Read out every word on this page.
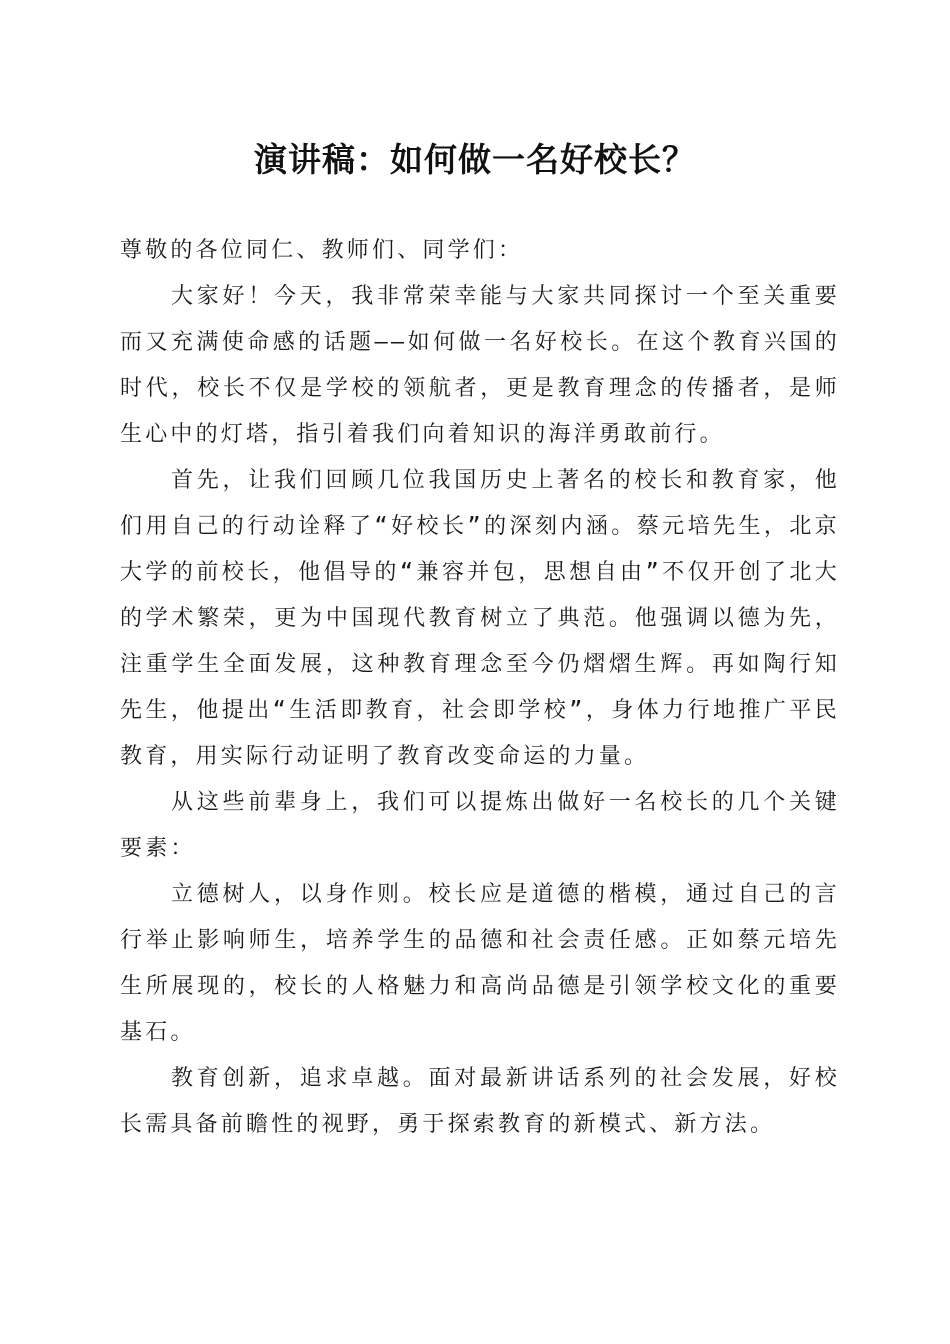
演讲稿：如何做一名好校长？

尊敬的各位同仁、教师们、同学们：

大家好！今天，我非常荣幸能与大家共同探讨一个至关重要而又充满使命感的话题——如何做一名好校长。在这个教育兴国的时代，校长不仅是学校的领航者，更是教育理念的传播者，是师生心中的灯塔，指引着我们向着知识的海洋勇敢前行。

首先，让我们回顾几位我国历史上著名的校长和教育家，他们用自己的行动诠释了“好校长”的深刻内涵。蔡元培先生，北京大学的前校长，他倡导的“兼容并包，思想自由”不仅开创了北大的学术繁荣，更为中国现代教育树立了典范。他强调以德为先，注重学生全面发展，这种教育理念至今仍熠熠生辉。再如陶行知先生，他提出“生活即教育，社会即学校”，身体力行地推广平民教育，用实际行动证明了教育改变命运的力量。

从这些前辈身上，我们可以提炼出做好一名校长的几个关键要素：

立德树人，以身作则。校长应是道德的楷模，通过自己的言行举止影响师生，培养学生的品德和社会责任感。正如蔡元培先生所展现的，校长的人格魅力和高尚品德是引领学校文化的重要基石。

教育创新，追求卓越。面对最新讲话系列的社会发展，好校长需具备前瞻性的视野，勇于探索教育的新模式、新方法。
